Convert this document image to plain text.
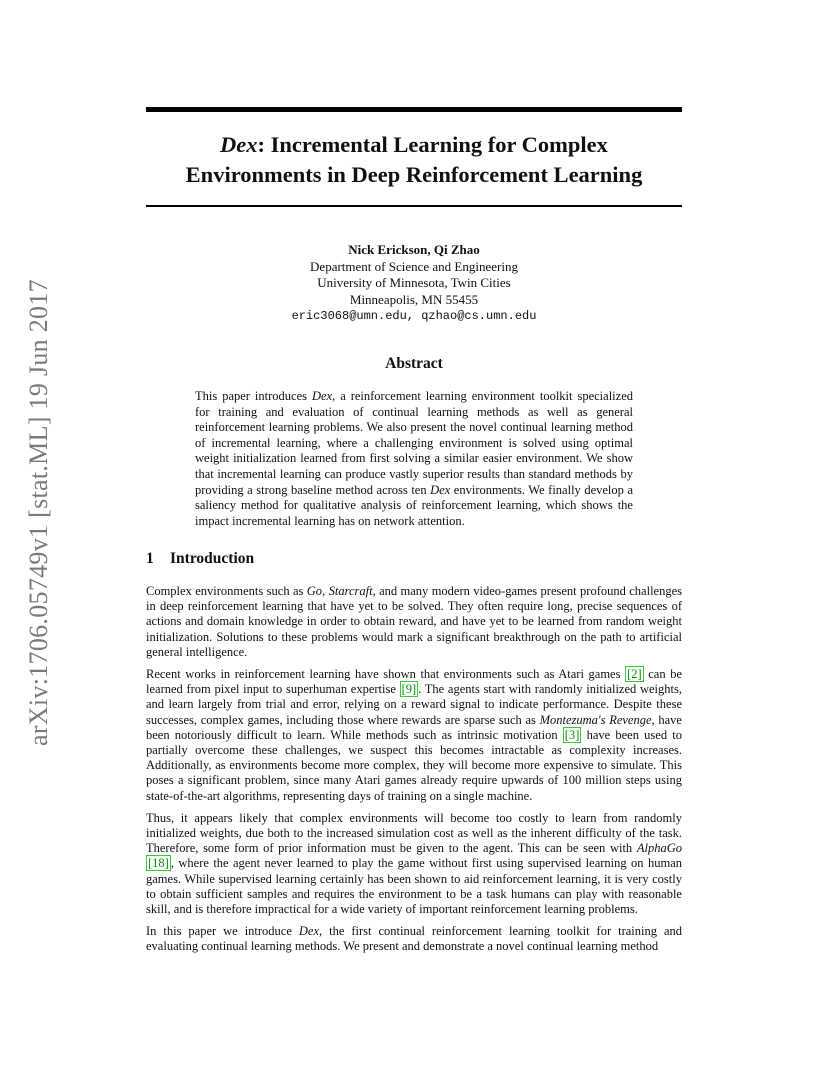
arXiv:1706.05749v1 [stat.ML] 19 Jun 2017
Dex: Incremental Learning for Complex
Environments in Deep Reinforcement Learning
Nick Erickson, Qi Zhao
Department of Science and Engineering
University of Minnesota, Twin Cities
Minneapolis, MN 55455
eric3068@umn.edu, qzhao@cs.umn.edu
Abstract

This paper introduces Dex, a reinforcement learning environment toolkit specialized for training and evaluation of continual learning methods as well as general reinforcement learning problems. We also present the novel continual learning method of incremental learning, where a challenging environment is solved using optimal weight initialization learned from first solving a similar easier environment. We show that incremental learning can produce vastly superior results than standard methods by providing a strong baseline method across ten Dex environments. We finally develop a saliency method for qualitative analysis of reinforcement learning, which shows the impact incremental learning has on network attention.

1 Introduction

Complex environments such as Go, Starcraft, and many modern video-games present profound challenges in deep reinforcement learning that have yet to be solved. They often require long, precise sequences of actions and domain knowledge in order to obtain reward, and have yet to be learned from random weight initialization. Solutions to these problems would mark a significant breakthrough on the path to artificial general intelligence.

Recent works in reinforcement learning have shown that environments such as Atari games [2] can be learned from pixel input to superhuman expertise [9] . The agents start with randomly initialized weights, and learn largely from trial and error, relying on a reward signal to indicate performance. Despite these successes, complex games, including those where rewards are sparse such as Montezuma's Revenge, have been notoriously difficult to learn. While methods such as intrinsic motivation [3] have been used to partially overcome these challenges, we suspect this becomes intractable as complexity increases. Additionally, as environments become more complex, they will become more expensive to simulate. This poses a significant problem, since many Atari games already require upwards of 100 million steps using state-of-the-art algorithms, representing days of training on a single machine.

Thus, it appears likely that complex environments will become too costly to learn from randomly initialized weights, due both to the increased simulation cost as well as the inherent difficulty of the task. Therefore, some form of prior information must be given to the agent. This can be seen with AlphaGo [18] , where the agent never learned to play the game without first using supervised learning on human games. While supervised learning certainly has been shown to aid reinforcement learning, it is very costly to obtain sufficient samples and requires the environment to be a task humans can play with reasonable skill, and is therefore impractical for a wide variety of important reinforcement learning problems.

In this paper we introduce Dex, the first continual reinforcement learning toolkit for training and evaluating continual learning methods. We present and demonstrate a novel continual learning method
